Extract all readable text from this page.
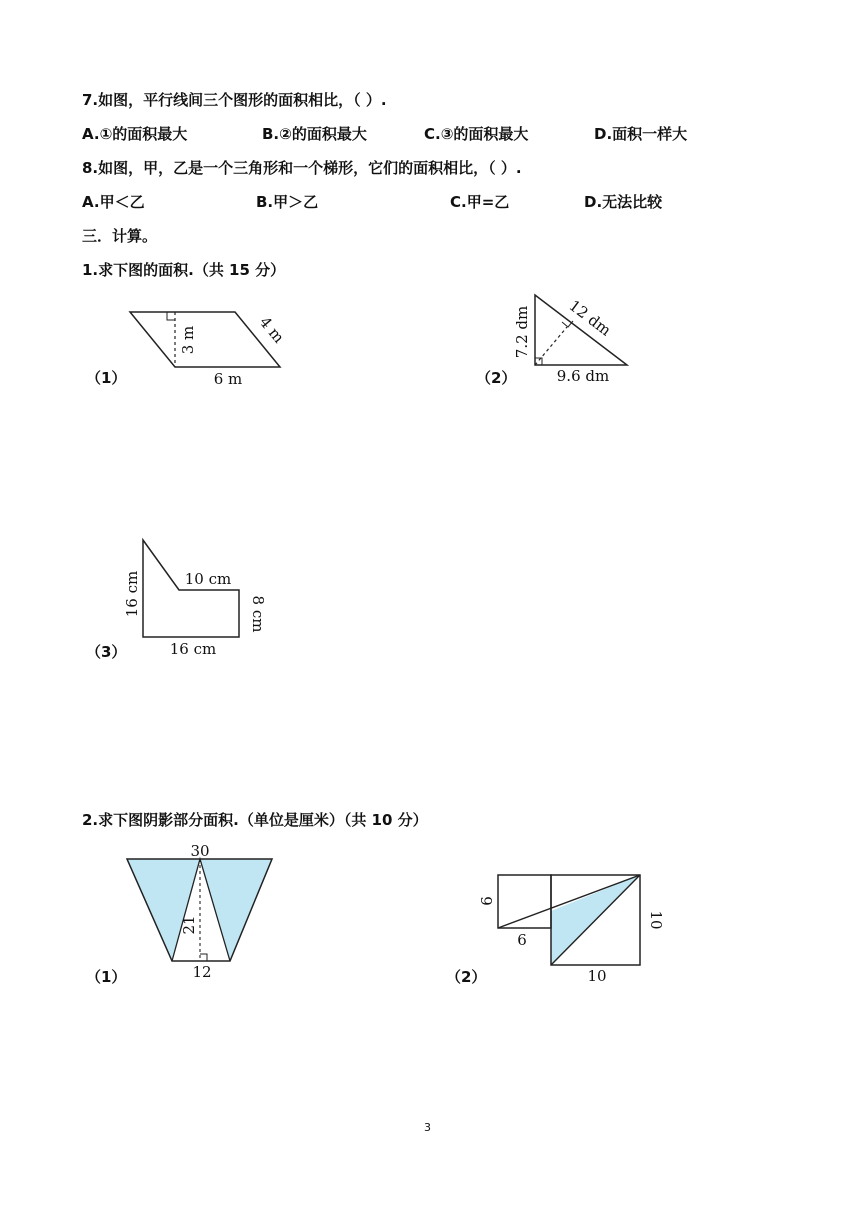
7.如图，平行线间三个图形的面积相比，（ ）.
A.①的面积最大	B.②的面积最大	C.③的面积最大	D.面积一样大
8.如图，甲，乙是一个三角形和一个梯形，它们的面积相比，（ ）.
A.甲＜乙	B.甲＞乙	C.甲=乙	D.无法比较
三．计算。
1.求下图的面积.（共 15 分）
（1）
3 m	4 m
6 m	（2）
7.2 dm 12 dm
9.6 dm
（3）
16 cm	10 cm
8 cm
16 cm
2.求下图阴影部分面积.（单位是厘米）（共 10 分）
（1）
30
21
12	（2）
6
6
10
10
3
